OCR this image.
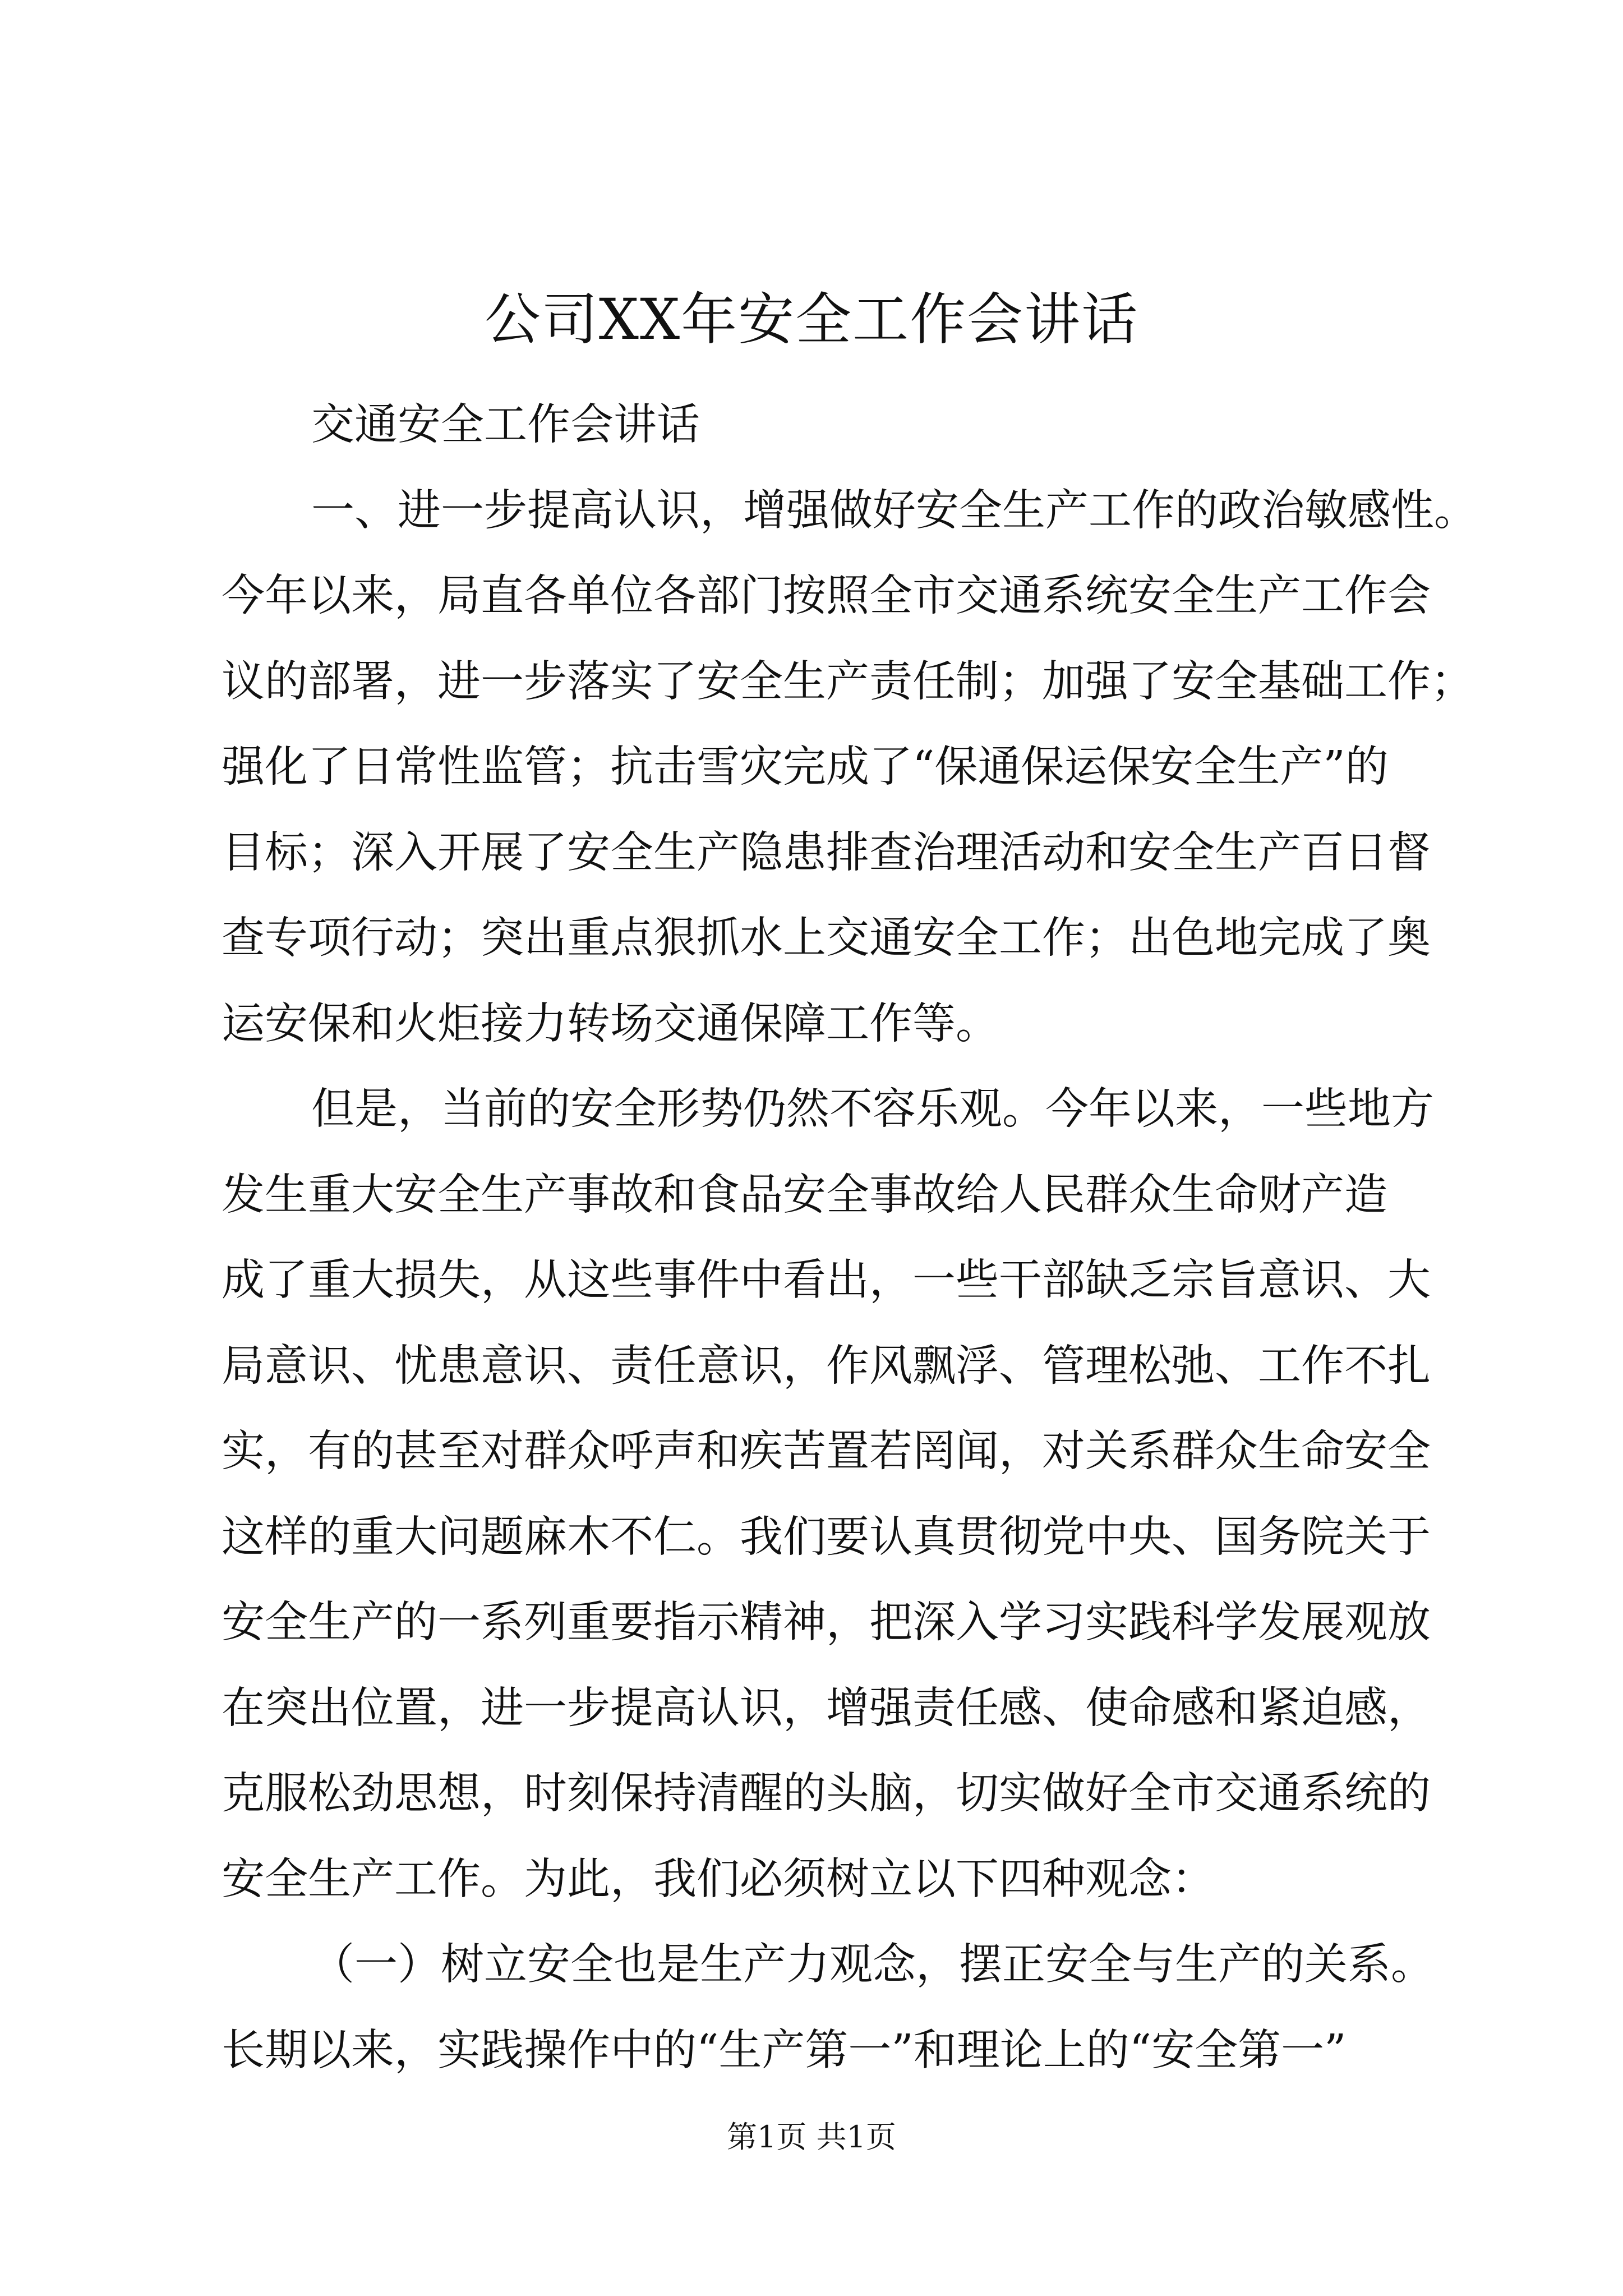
公司XX年安全工作会讲话
交通安全工作会讲话
一、进一步提高认识，增强做好安全生产工作的政治敏感性。
今年以来，局直各单位各部门按照全市交通系统安全生产工作会
议的部署，进一步落实了安全生产责任制；加强了安全基础工作；
强化了日常性监管；抗击雪灾完成了“保通保运保安全生产”的
目标；深入开展了安全生产隐患排查治理活动和安全生产百日督
查专项行动；突出重点狠抓水上交通安全工作；出色地完成了奥
运安保和火炬接力转场交通保障工作等。
但是，当前的安全形势仍然不容乐观。今年以来，一些地方
发生重大安全生产事故和食品安全事故给人民群众生命财产造
成了重大损失，从这些事件中看出，一些干部缺乏宗旨意识、大
局意识、忧患意识、责任意识，作风飘浮、管理松弛、工作不扎
实，有的甚至对群众呼声和疾苦置若罔闻，对关系群众生命安全
这样的重大问题麻木不仁。我们要认真贯彻党中央、国务院关于
安全生产的一系列重要指示精神，把深入学习实践科学发展观放
在突出位置，进一步提高认识，增强责任感、使命感和紧迫感，
克服松劲思想，时刻保持清醒的头脑，切实做好全市交通系统的
安全生产工作。为此，我们必须树立以下四种观念：
（一）树立安全也是生产力观念，摆正安全与生产的关系。
长期以来，实践操作中的“生产第一”和理论上的“安全第一”
第1页 共1页
